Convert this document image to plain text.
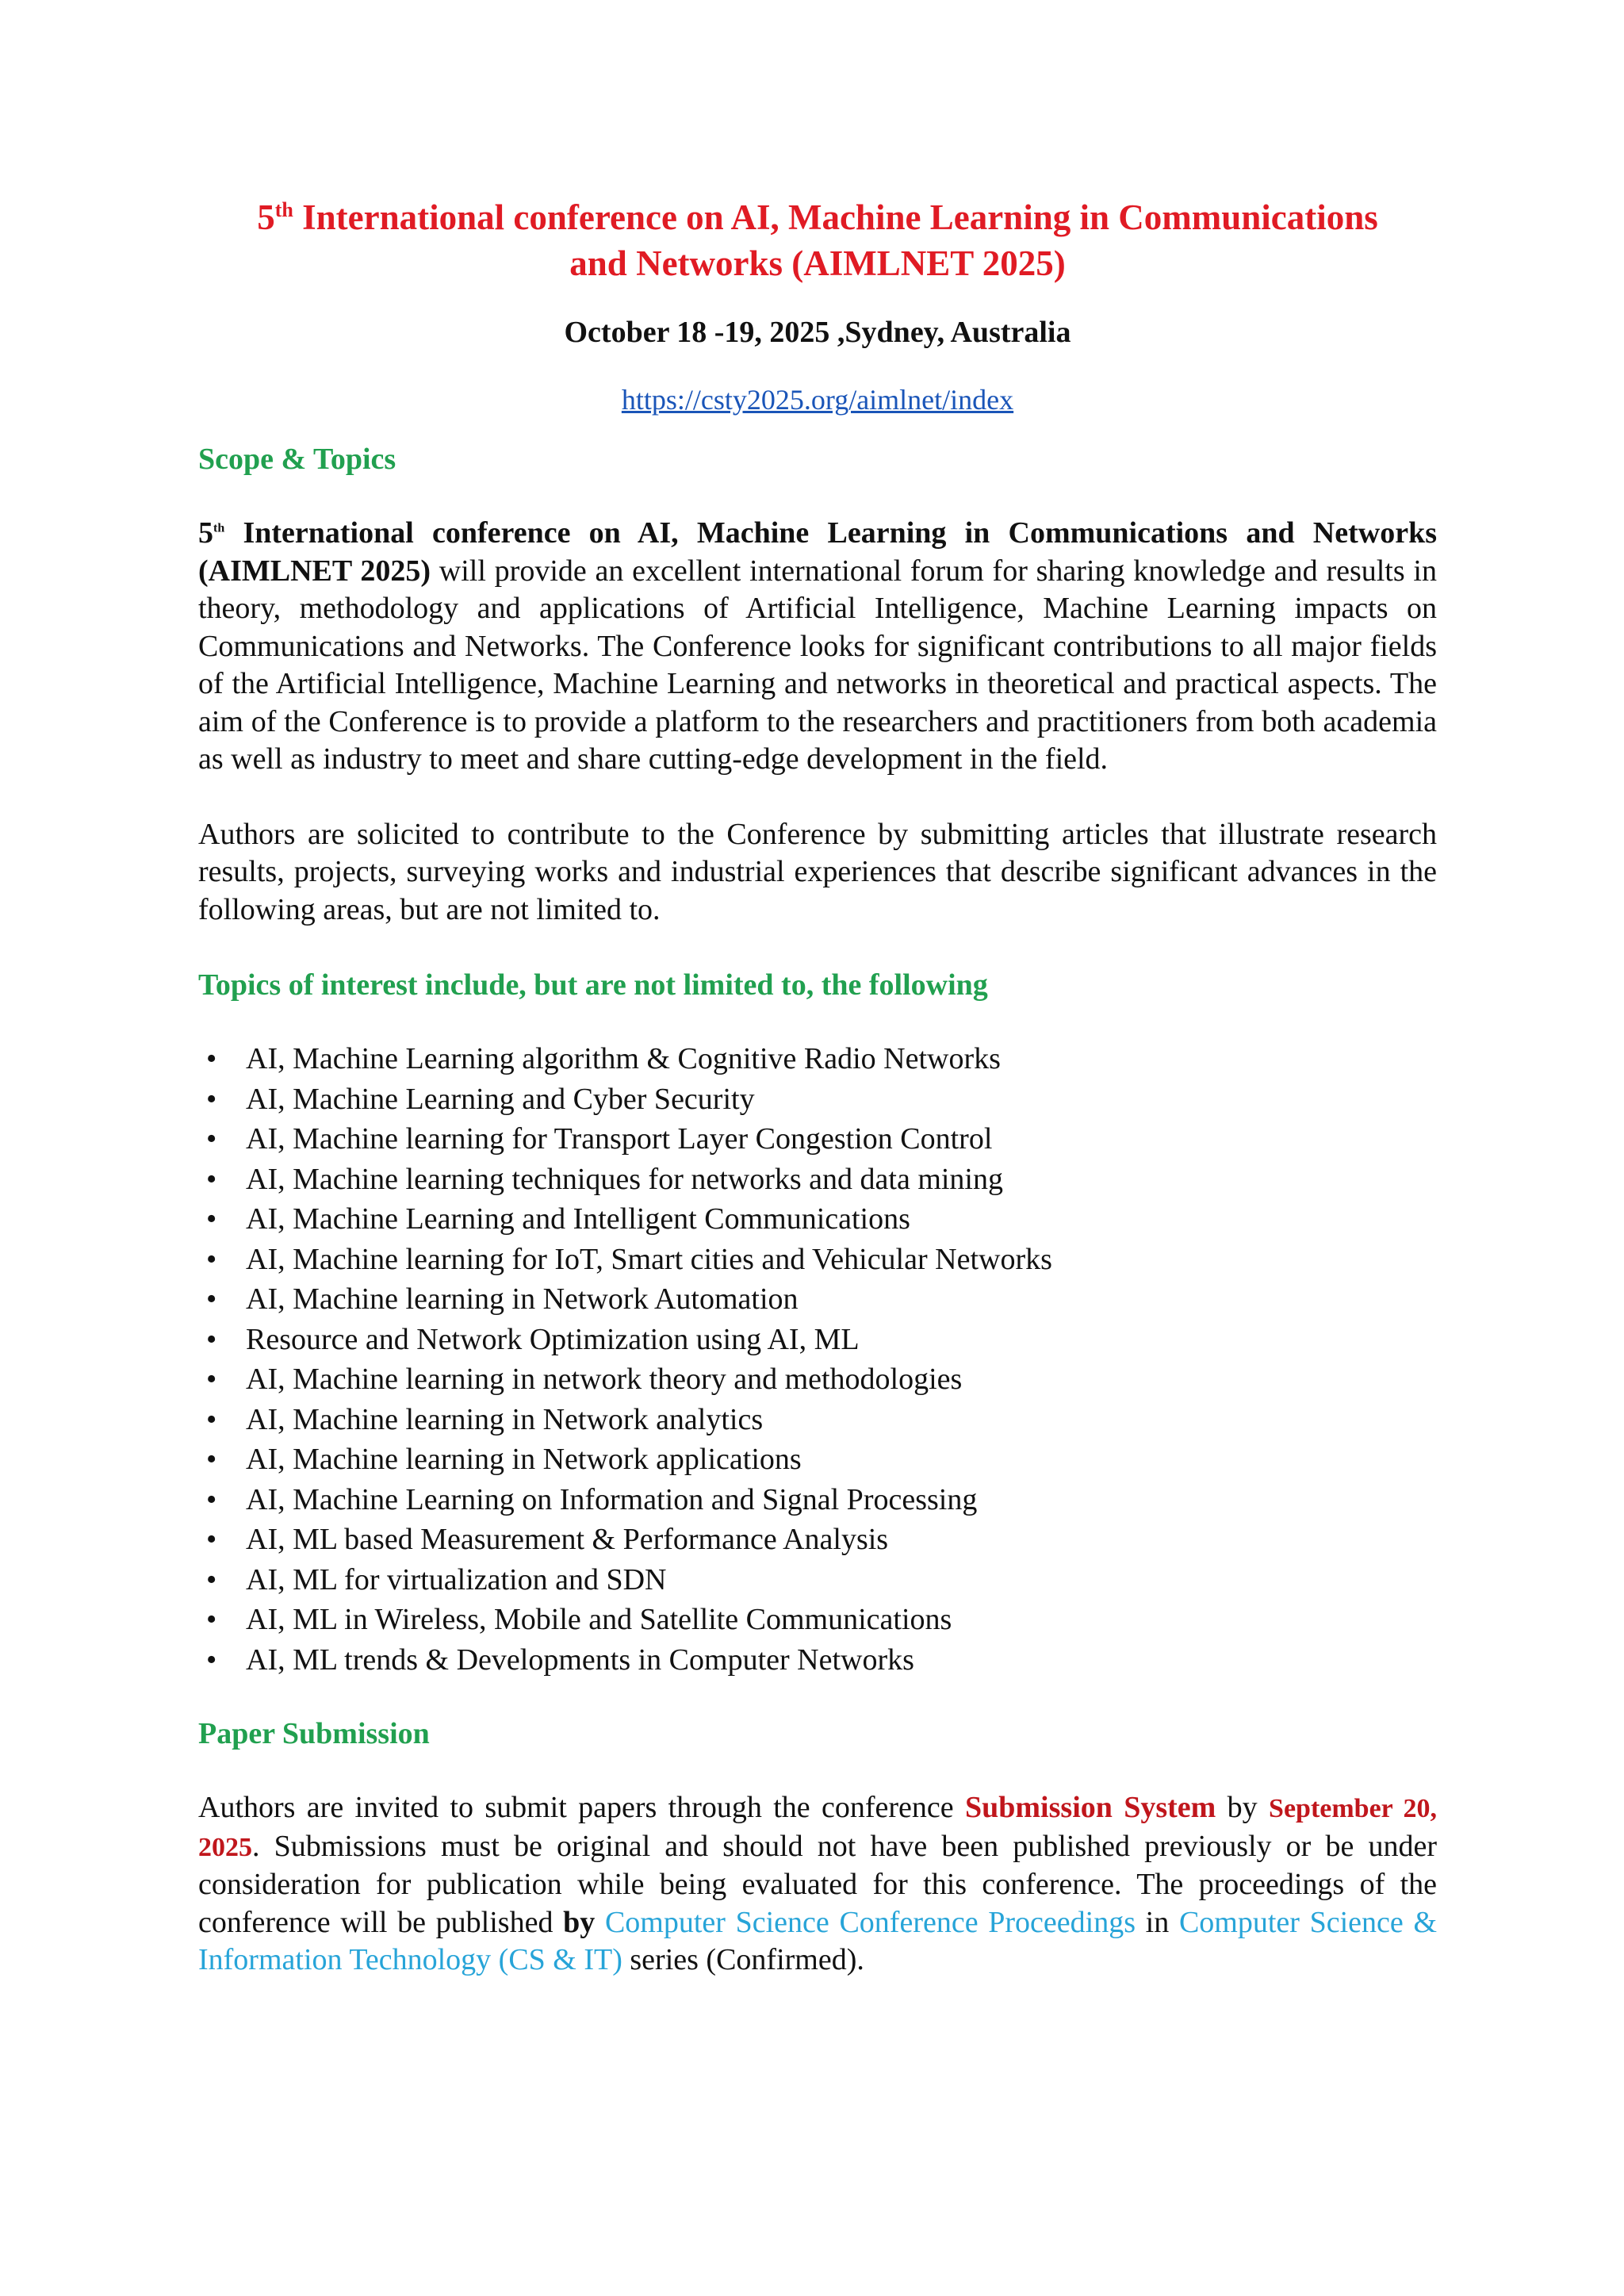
5th International conference on AI, Machine Learning in Communications
and Networks (AIMLNET 2025)

October 18 -19, 2025 ,Sydney, Australia

https://csty2025.org/aimlnet/index

Scope & Topics

5th International conference on AI, Machine Learning in Communications and Networks (AIMLNET 2025) will provide an excellent international forum for sharing knowledge and results in theory, methodology and applications of Artificial Intelligence, Machine Learning impacts on Communications and Networks. The Conference looks for significant contributions to all major fields of the Artificial Intelligence, Machine Learning and networks in theoretical and practical aspects. The aim of the Conference is to provide a platform to the researchers and practitioners from both academia as well as industry to meet and share cutting-edge development in the field.

Authors are solicited to contribute to the Conference by submitting articles that illustrate research results, projects, surveying works and industrial experiences that describe significant advances in the following areas, but are not limited to.

Topics of interest include, but are not limited to, the following
• AI, Machine Learning algorithm & Cognitive Radio Networks
• AI, Machine Learning and Cyber Security
• AI, Machine learning for Transport Layer Congestion Control
• AI, Machine learning techniques for networks and data mining
• AI, Machine Learning and Intelligent Communications
• AI, Machine learning for IoT, Smart cities and Vehicular Networks
• AI, Machine learning in Network Automation
• Resource and Network Optimization using AI, ML
• AI, Machine learning in network theory and methodologies
• AI, Machine learning in Network analytics
• AI, Machine learning in Network applications
• AI, Machine Learning on Information and Signal Processing
• AI, ML based Measurement & Performance Analysis
• AI, ML for virtualization and SDN
• AI, ML in Wireless, Mobile and Satellite Communications
• AI, ML trends & Developments in Computer Networks
Paper Submission

Authors are invited to submit papers through the conference Submission System by September 20, 2025. Submissions must be original and should not have been published previously or be under consideration for publication while being evaluated for this conference. The proceedings of the conference will be published by Computer Science Conference Proceedings in Computer Science & Information Technology (CS & IT) series (Confirmed).
